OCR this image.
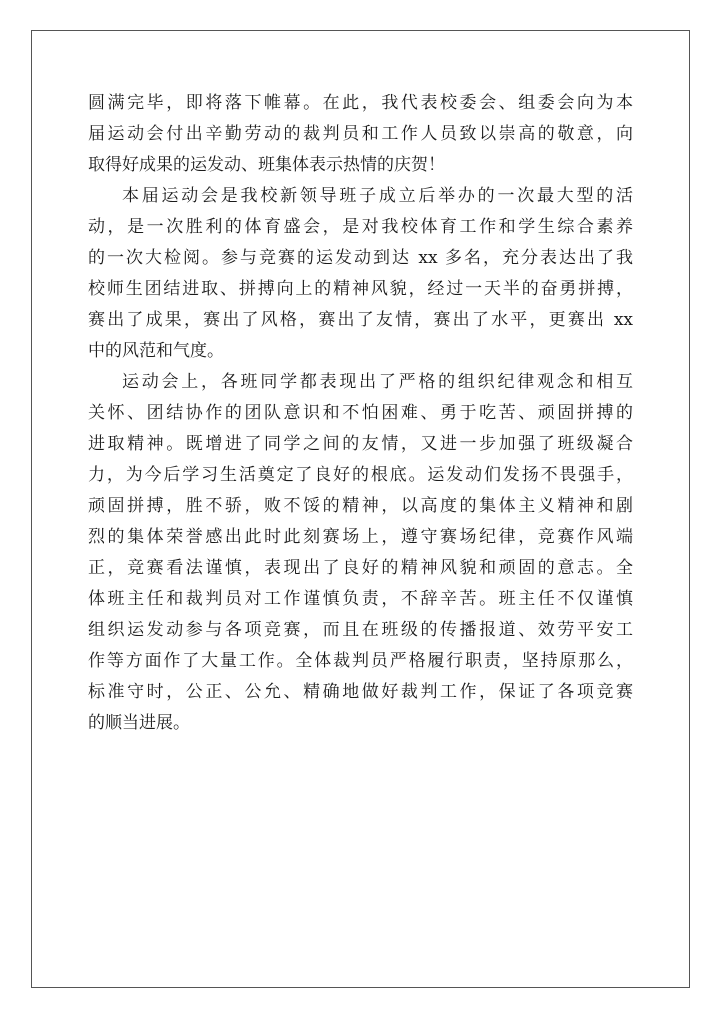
圆满完毕，即将落下帷幕。在此，我代表校委会、组委会向为本
届运动会付出辛勤劳动的裁判员和工作人员致以崇高的敬意，向
取得好成果的运发动、班集体表示热情的庆贺！
本届运动会是我校新领导班子成立后举办的一次最大型的活
动，是一次胜利的体育盛会，是对我校体育工作和学生综合素养
的一次大检阅。参与竞赛的运发动到达 xx 多名，充分表达出了我
校师生团结进取、拼搏向上的精神风貌，经过一天半的奋勇拼搏，
赛出了成果，赛出了风格，赛出了友情，赛出了水平，更赛出 xx
中的风范和气度。
运动会上，各班同学都表现出了严格的组织纪律观念和相互
关怀、团结协作的团队意识和不怕困难、勇于吃苦、顽固拼搏的
进取精神。既增进了同学之间的友情，又进一步加强了班级凝合
力，为今后学习生活奠定了良好的根底。运发动们发扬不畏强手，
顽固拼搏，胜不骄，败不馁的精神，以高度的集体主义精神和剧
烈的集体荣誉感出此时此刻赛场上，遵守赛场纪律，竞赛作风端
正，竞赛看法谨慎，表现出了良好的精神风貌和顽固的意志。全
体班主任和裁判员对工作谨慎负责，不辞辛苦。班主任不仅谨慎
组织运发动参与各项竞赛，而且在班级的传播报道、效劳平安工
作等方面作了大量工作。全体裁判员严格履行职责，坚持原那么，
标准守时，公正、公允、精确地做好裁判工作，保证了各项竞赛
的顺当进展。
